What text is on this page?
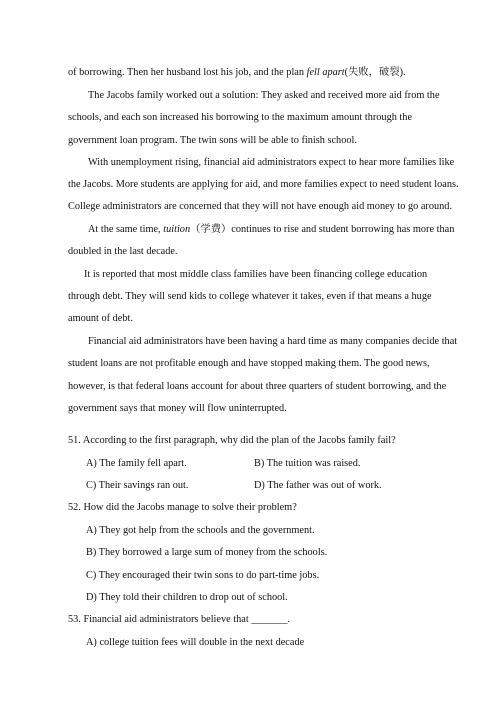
of borrowing. Then her husband lost his job, and the plan fell apart(失败，破裂).
The Jacobs family worked out a solution: They asked and received more aid from the
schools, and each son increased his borrowing to the maximum amount through the
government loan program. The twin sons will be able to finish school.
With unemployment rising, financial aid administrators expect to hear more families like
the Jacobs. More students are applying for aid, and more families expect to need student loans.
College administrators are concerned that they will not have enough aid money to go around.
At the same time, tuition（学费）continues to rise and student borrowing has more than
doubled in the last decade.
It is reported that most middle class families have been financing college education
through debt. They will send kids to college whatever it takes, even if that means a huge
amount of debt.
Financial aid administrators have been having a hard time as many companies decide that
student loans are not profitable enough and have stopped making them. The good news,
however, is that federal loans account for about three quarters of student borrowing, and the
government says that money will flow uninterrupted.
51. According to the first paragraph, why did the plan of the Jacobs family fail?
A) The family fell apart.	B) The tuition was raised.
C) Their savings ran out.	D) The father was out of work.
52. How did the Jacobs manage to solve their problem?
A) They got help from the schools and the government.
B) They borrowed a large sum of money from the schools.
C) They encouraged their twin sons to do part-time jobs.
D) They told their children to drop out of school.
53. Financial aid administrators believe that _______.
A) college tuition fees will double in the next decade
